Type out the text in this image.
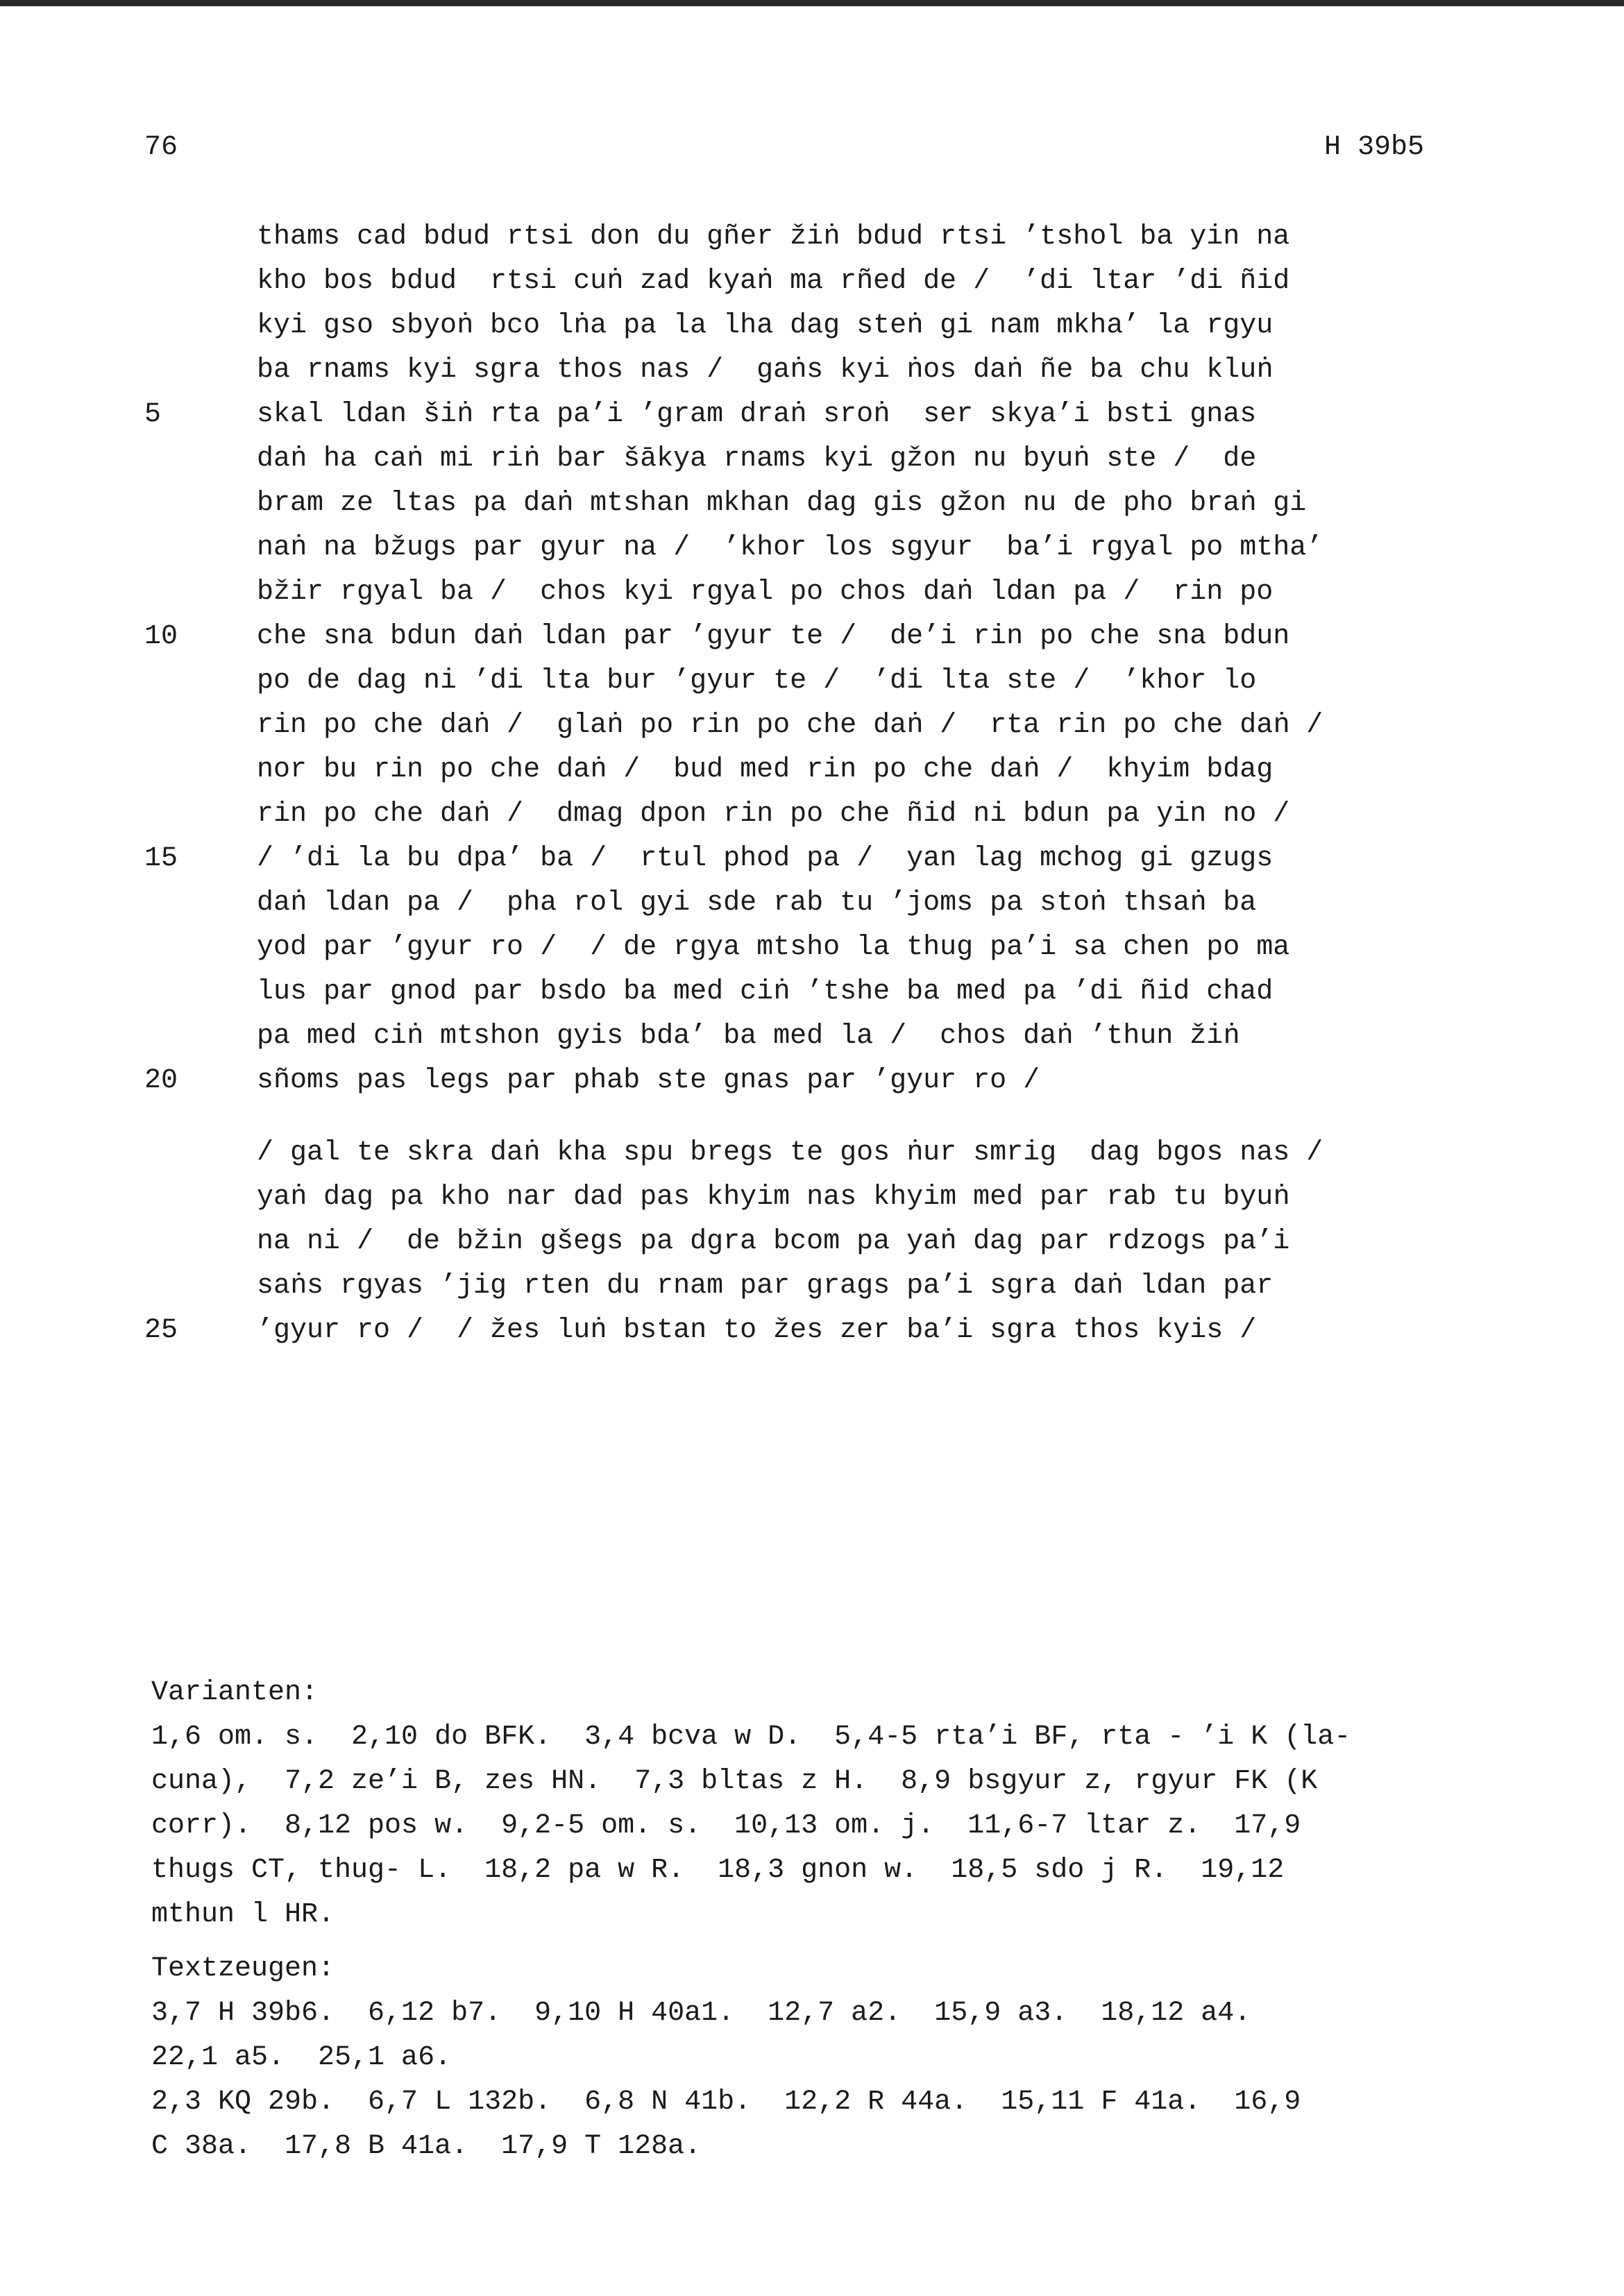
76	H 39b5
thams cad bdud rtsi don du gñer žiṅ bdud rtsi ’tshol ba yin na
kho bos bdud  rtsi cuṅ zad kyaṅ ma rñed de /  ’di ltar ’di ñid
kyi gso sbyoṅ bco lṅa pa la lha dag steṅ gi nam mkha’ la rgyu
ba rnams kyi sgra thos nas /  gaṅs kyi ṅos daṅ ñe ba chu kluṅ
5	skal ldan šiṅ rta pa’i ’gram draṅ sroṅ  ser skya’i bsti gnas
daṅ ha caṅ mi riṅ bar šākya rnams kyi gžon nu byuṅ ste /  de
bram ze ltas pa daṅ mtshan mkhan dag gis gžon nu de pho braṅ gi
naṅ na bžugs par gyur na /  ’khor los sgyur  ba’i rgyal po mtha’
bžir rgyal ba /  chos kyi rgyal po chos daṅ ldan pa /  rin po
10	che sna bdun daṅ ldan par ’gyur te /  de’i rin po che sna bdun
po de dag ni ’di lta bur ’gyur te /  ’di lta ste /  ’khor lo
rin po che daṅ /  glaṅ po rin po che daṅ /  rta rin po che daṅ /
nor bu rin po che daṅ /  bud med rin po che daṅ /  khyim bdag
rin po che daṅ /  dmag dpon rin po che ñid ni bdun pa yin no /
15	/ ’di la bu dpa’ ba /  rtul phod pa /  yan lag mchog gi gzugs
daṅ ldan pa /  pha rol gyi sde rab tu ’joms pa stoṅ thsaṅ ba
yod par ’gyur ro /  / de rgya mtsho la thug pa’i sa chen po ma
lus par gnod par bsdo ba med ciṅ ’tshe ba med pa ’di ñid chad
pa med ciṅ mtshon gyis bda’ ba med la /  chos daṅ ’thun žiṅ
20	sñoms pas legs par phab ste gnas par ’gyur ro /
/ gal te skra daṅ kha spu bregs te gos ṅur smrig  dag bgos nas /
yaṅ dag pa kho nar dad pas khyim nas khyim med par rab tu byuṅ
na ni /  de bžin gšegs pa dgra bcom pa yaṅ dag par rdzogs pa’i
saṅs rgyas ’jig rten du rnam par grags pa’i sgra daṅ ldan par
25	’gyur ro /  / žes luṅ bstan to žes zer ba’i sgra thos kyis /
Varianten:
1,6 om. s.  2,10 do BFK.  3,4 bcva w D.  5,4-5 rta’i BF, rta - ’i K (la-
cuna),  7,2 ze’i B, zes HN.  7,3 bltas z H.  8,9 bsgyur z, rgyur FK (K
corr).  8,12 pos w.  9,2-5 om. s.  10,13 om. j.  11,6-7 ltar z.  17,9
thugs CT, thug- L.  18,2 pa w R.  18,3 gnon w.  18,5 sdo j R.  19,12
mthun l HR.
Textzeugen:
3,7 H 39b6.  6,12 b7.  9,10 H 40a1.  12,7 a2.  15,9 a3.  18,12 a4.
22,1 a5.  25,1 a6.
2,3 KQ 29b.  6,7 L 132b.  6,8 N 41b.  12,2 R 44a.  15,11 F 41a.  16,9
C 38a.  17,8 B 41a.  17,9 T 128a.
